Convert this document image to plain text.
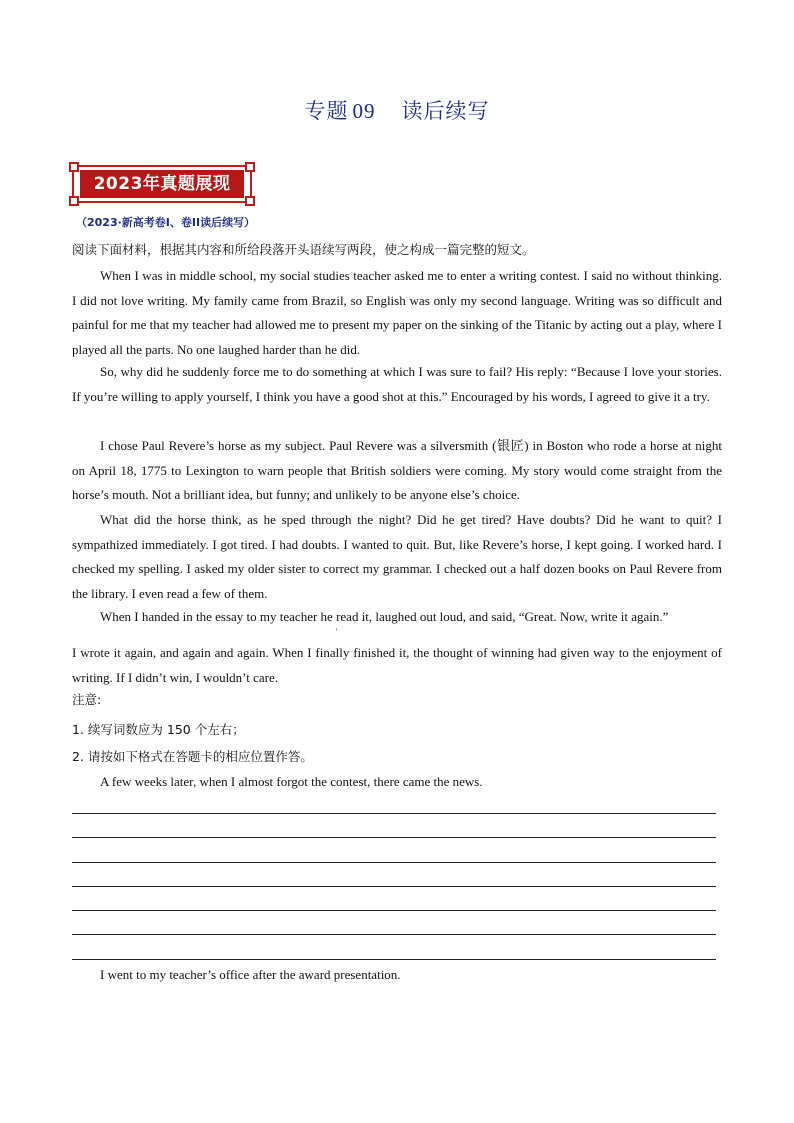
专题 09 读后续写
2023年真题展现
（2023·新高考卷I、卷II读后续写）
阅读下面材料，根据其内容和所给段落开头语续写两段，使之构成一篇完整的短文。

When I was in middle school, my social studies teacher asked me to enter a writing contest. I said no without thinking. I did not love writing. My family came from Brazil, so English was only my second language. Writing was so difficult and painful for me that my teacher had allowed me to present my paper on the sinking of the Titanic by acting out a play, where I played all the parts. No one laughed harder than he did.

So, why did he suddenly force me to do something at which I was sure to fail? His reply: “Because I love your stories. If you’re willing to apply yourself, I think you have a good shot at this.” Encouraged by his words, I agreed to give it a try.

I chose Paul Revere’s horse as my subject. Paul Revere was a silversmith (银匠) in Boston who rode a horse at night on April 18, 1775 to Lexington to warn people that British soldiers were coming. My story would come straight from the horse’s mouth. Not a brilliant idea, but funny; and unlikely to be anyone else’s choice.

What did the horse think, as he sped through the night? Did he get tired? Have doubts? Did he want to quit? I sympathized immediately. I got tired. I had doubts. I wanted to quit. But, like Revere’s horse, I kept going. I worked hard. I checked my spelling. I asked my older sister to correct my grammar. I checked out a half dozen books on Paul Revere from the library. I even read a few of them.

When I handed in the essay to my teacher he read it, laughed out loud, and said, “Great. Now, write it again.”

'

I wrote it again, and again and again. When I finally finished it, the thought of winning had given way to the enjoyment of writing. If I didn’t win, I wouldn’t care.

注意:
1. 续写词数应为 150 个左右；
2. 请按如下格式在答题卡的相应位置作答。
A few weeks later, when I almost forgot the contest, there came the news.
I went to my teacher’s office after the award presentation.
